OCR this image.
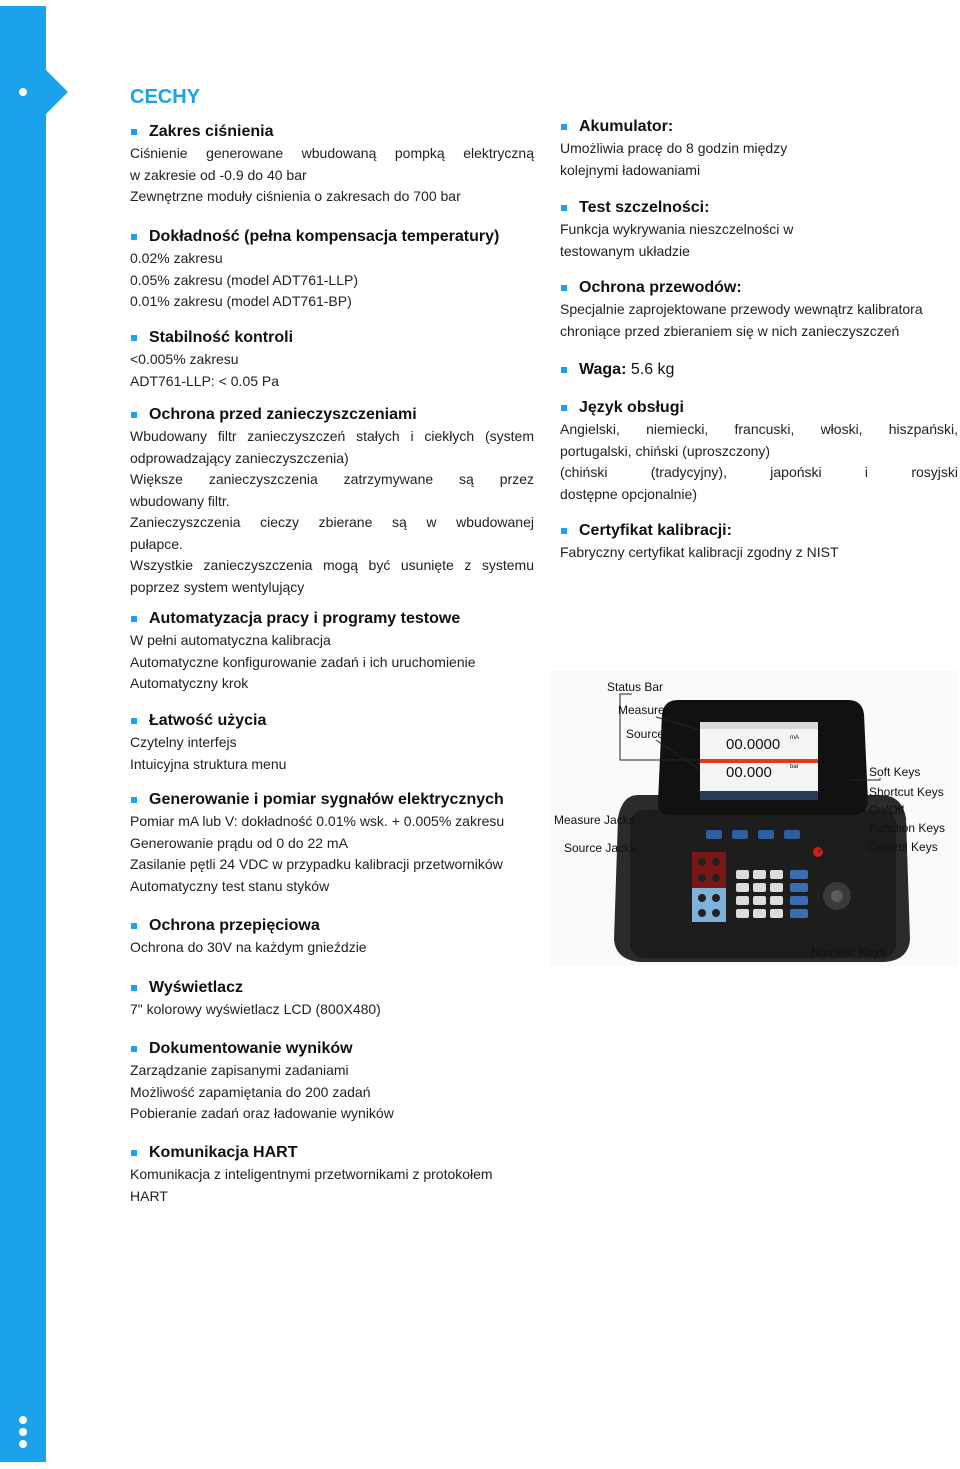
CECHY
Zakres ciśnienia
Ciśnienie generowane wbudowaną pompką elektryczną
w zakresie od -0.9 do 40 bar
Zewnętrzne moduły ciśnienia o zakresach do 700 bar
Dokładność (pełna kompensacja temperatury)
0.02% zakresu
0.05% zakresu (model ADT761-LLP)
0.01% zakresu (model ADT761-BP)
Stabilność kontroli
<0.005% zakresu
ADT761-LLP: < 0.05 Pa
Ochrona przed zanieczyszczeniami
Wbudowany filtr zanieczyszczeń stałych i ciekłych (system
odprowadzający zanieczyszczenia)
Większe zanieczyszczenia zatrzymywane są przez
wbudowany filtr.
Zanieczyszczenia cieczy zbierane są w wbudowanej
pułapce.
Wszystkie zanieczyszczenia mogą być usunięte z systemu
poprzez system wentylujący
Automatyzacja pracy i programy testowe
W pełni automatyczna kalibracja
Automatyczne konfigurowanie zadań i ich uruchomienie
Automatyczny krok
Łatwość użycia
Czytelny interfejs
Intuicyjna struktura menu
Generowanie i pomiar sygnałów elektrycznych
Pomiar mA lub V: dokładność 0.01% wsk. + 0.005% zakresu
Generowanie prądu od 0 do 22 mA
Zasilanie pętli 24 VDC w przypadku kalibracji przetworników
Automatyczny test stanu styków
Ochrona przepięciowa
Ochrona do 30V na każdym gnieździe
Wyświetlacz
7" kolorowy wyświetlacz LCD (800X480)
Dokumentowanie wyników
Zarządzanie zapisanymi zadaniami
Możliwość zapamiętania do 200 zadań
Pobieranie zadań oraz ładowanie wyników
Komunikacja HART
Komunikacja z inteligentnymi przetwornikami z protokołem
HART
Akumulator:
Umożliwia pracę do 8 godzin między
kolejnymi ładowaniami
Test szczelności:
Funkcja wykrywania nieszczelności w
testowanym układzie
Ochrona przewodów:
Specjalnie zaprojektowane przewody wewnątrz kalibratora
chroniące przed zbieraniem się w nich zanieczyszczeń
Waga: 5.6 kg
Język obsługi
Angielski, niemiecki, francuski, włoski, hiszpański,
portugalski, chiński (uproszczony)
(chiński (tradycyjny), japoński i rosyjski
dostępne opcjonalnie)
Certyfikat kalibracji:
Fabryczny certyfikat kalibracji zgodny z NIST
00.0000 mA
00.000	bar
Status Bar
Measure
Source
Soft Keys
Shortcut Keys
On/Off
Function Keys
Control Keys
Measure Jacks
Source Jacks
Numeric Keys
